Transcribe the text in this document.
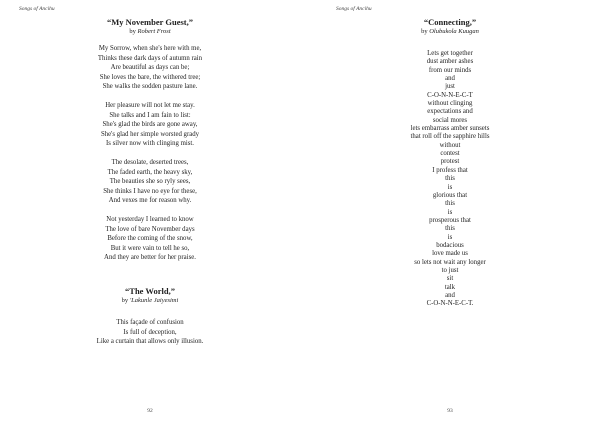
Songs of Ancihu

“My November Guest,”

by Robert Frost

My Sorrow, when she's here with me,
Thinks these dark days of autumn rain
Are beautiful as days can be;
She loves the bare, the withered tree;
She walks the sodden pasture lane.
Her pleasure will not let me stay.
She talks and I am fain to list:
She's glad the birds are gone away,
She's glad her simple worsted grady
Is silver now with clinging mist.
The desolate, deserted trees,
The faded earth, the heavy sky,
The beauties she so ryly sees,
She thinks I have no eye for these,
And vexes me for reason why.
Not yesterday I learned to know
The love of bare November days
Before the coming of the snow,
But it were vain to tell he so,
And they are better for her praise.

“The World,”

by 'Lakunle Jaiyesimi

This façade of confusion
Is full of deception,
Like a curtain that allows only illusion.
92
Songs of Ancihu

“Connecting,”

by Olubukola Kuugan

Lets get together
dust amber ashes
from our minds
and
just
C-O-N-N-E-C-T
without clinging
expectations and
social mores
lets embarrass amber sunsets
that roll off the sapphire hills
without
contest
protest
I profess that
this
is
glorious that
this
is
prosperous that
this
is
bodacious
love made us
so lets not wait any longer
to just
sit
talk
and
C-O-N-N-E-C-T.
93
